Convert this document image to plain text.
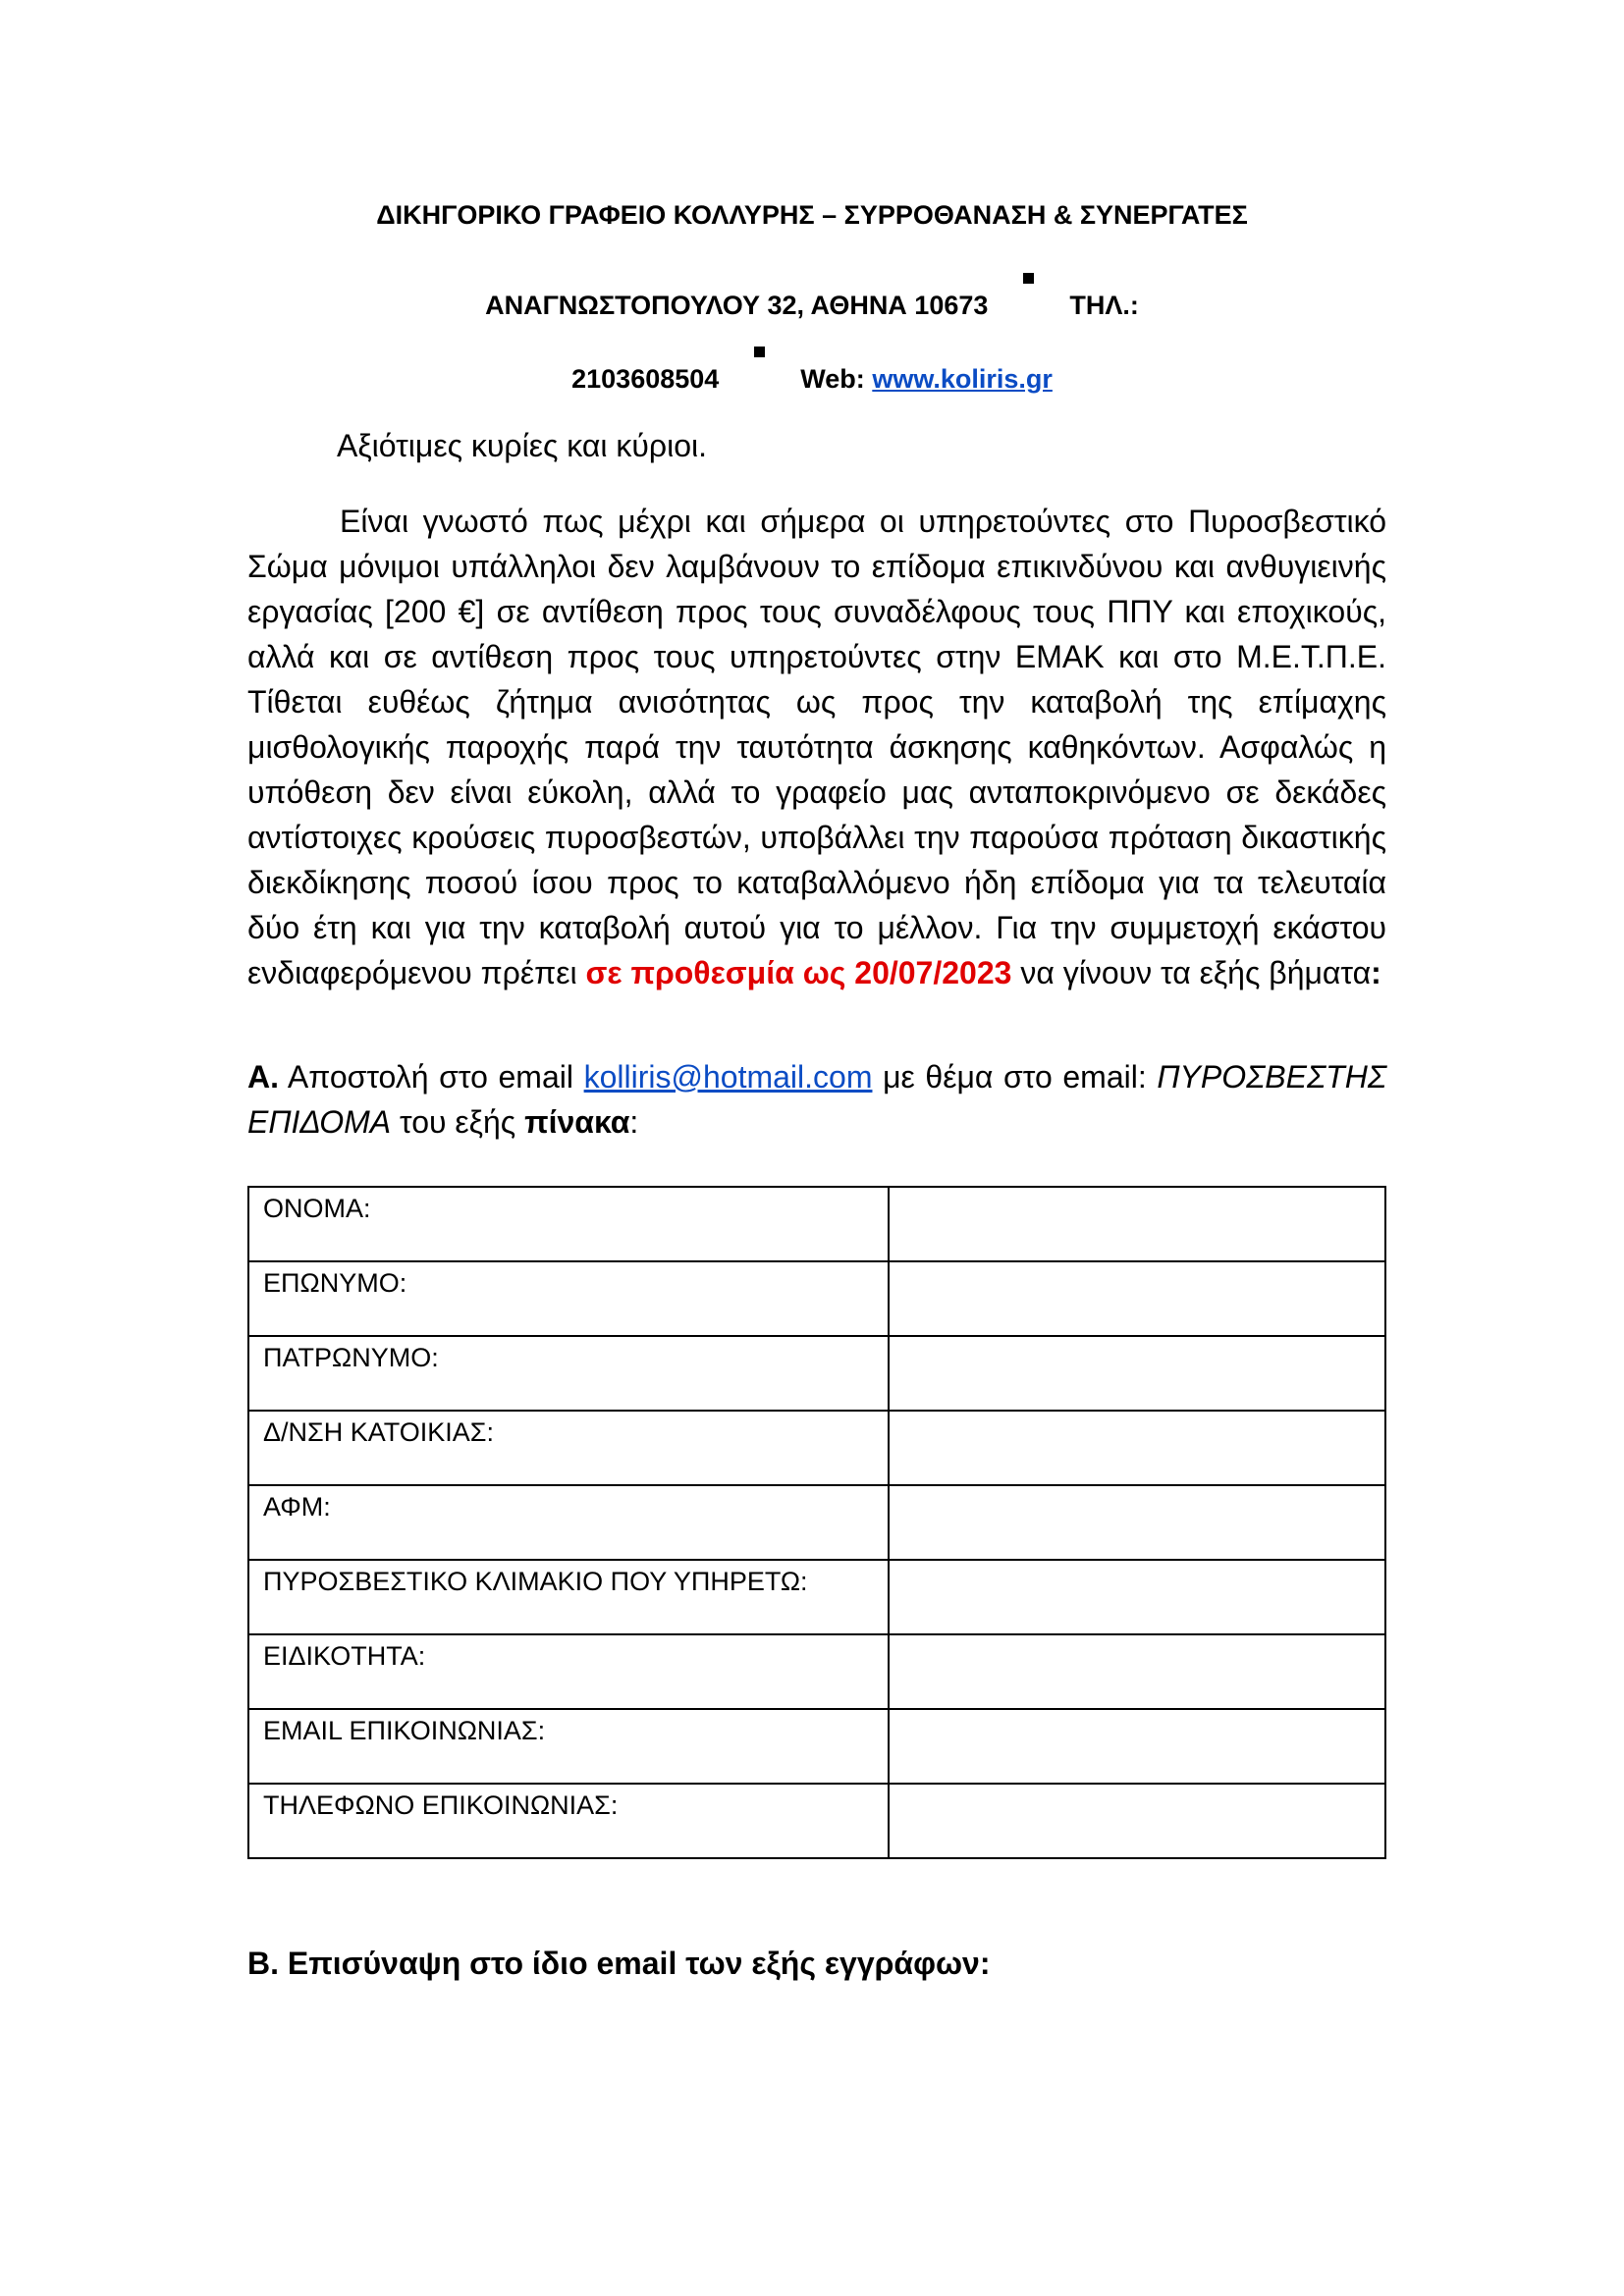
ΔΙΚΗΓΟΡΙΚΟ ΓΡΑΦΕΙΟ ΚΟΛΛΥΡΗΣ – ΣΥΡΡΟΘΑΝΑΣΗ & ΣΥΝΕΡΓΑΤΕΣ
ΑΝΑΓΝΩΣΤΟΠΟΥΛΟΥ 32, ΑΘΗΝΑ 10673	ΤΗΛ.:
2103608504	Web: www.koliris.gr
Αξιότιμες κυρίες και κύριοι.
Είναι γνωστό πως μέχρι και σήμερα οι υπηρετούντες στο Πυροσβεστικό Σώμα μόνιμοι υπάλληλοι δεν λαμβάνουν το επίδομα επικινδύνου και ανθυγιεινής εργασίας [200 €] σε αντίθεση προς τους συναδέλφους τους ΠΠΥ και εποχικούς, αλλά και σε αντίθεση προς τους υπηρετούντες στην ΕΜΑΚ και στο Μ.Ε.Τ.Π.Ε. Τίθεται ευθέως ζήτημα ανισότητας ως προς την καταβολή της επίμαχης μισθολογικής παροχής παρά την ταυτότητα άσκησης καθηκόντων. Ασφαλώς η υπόθεση δεν είναι εύκολη, αλλά το γραφείο μας ανταποκρινόμενο σε δεκάδες αντίστοιχες κρούσεις πυροσβεστών, υποβάλλει την παρούσα πρόταση δικαστικής διεκδίκησης ποσού ίσου προς το καταβαλλόμενο ήδη επίδομα για τα τελευταία δύο έτη και για την καταβολή αυτού για το μέλλον. Για την συμμετοχή εκάστου ενδιαφερόμενου πρέπει σε προθεσμία ως 20/07/2023 να γίνουν τα εξής βήματα:
Α. Αποστολή στο email kolliris@hotmail.com με θέμα στο email: ΠΥΡΟΣΒΕΣΤΗΣ ΕΠΙΔΟΜΑ του εξής πίνακα:
ΟΝΟΜΑ:	
ΕΠΩΝΥΜΟ:	
ΠΑΤΡΩΝΥΜΟ:	
Δ/ΝΣΗ ΚΑΤΟΙΚΙΑΣ:	
ΑΦΜ:	
ΠΥΡΟΣΒΕΣΤΙΚΟ ΚΛΙΜΑΚΙΟ ΠΟΥ ΥΠΗΡΕΤΩ:	
ΕΙΔΙΚΟΤΗΤΑ:	
EMAIL ΕΠΙΚΟΙΝΩΝΙΑΣ:	
ΤΗΛΕΦΩΝΟ ΕΠΙΚΟΙΝΩΝΙΑΣ:	
Β. Επισύναψη στο ίδιο email των εξής εγγράφων:
